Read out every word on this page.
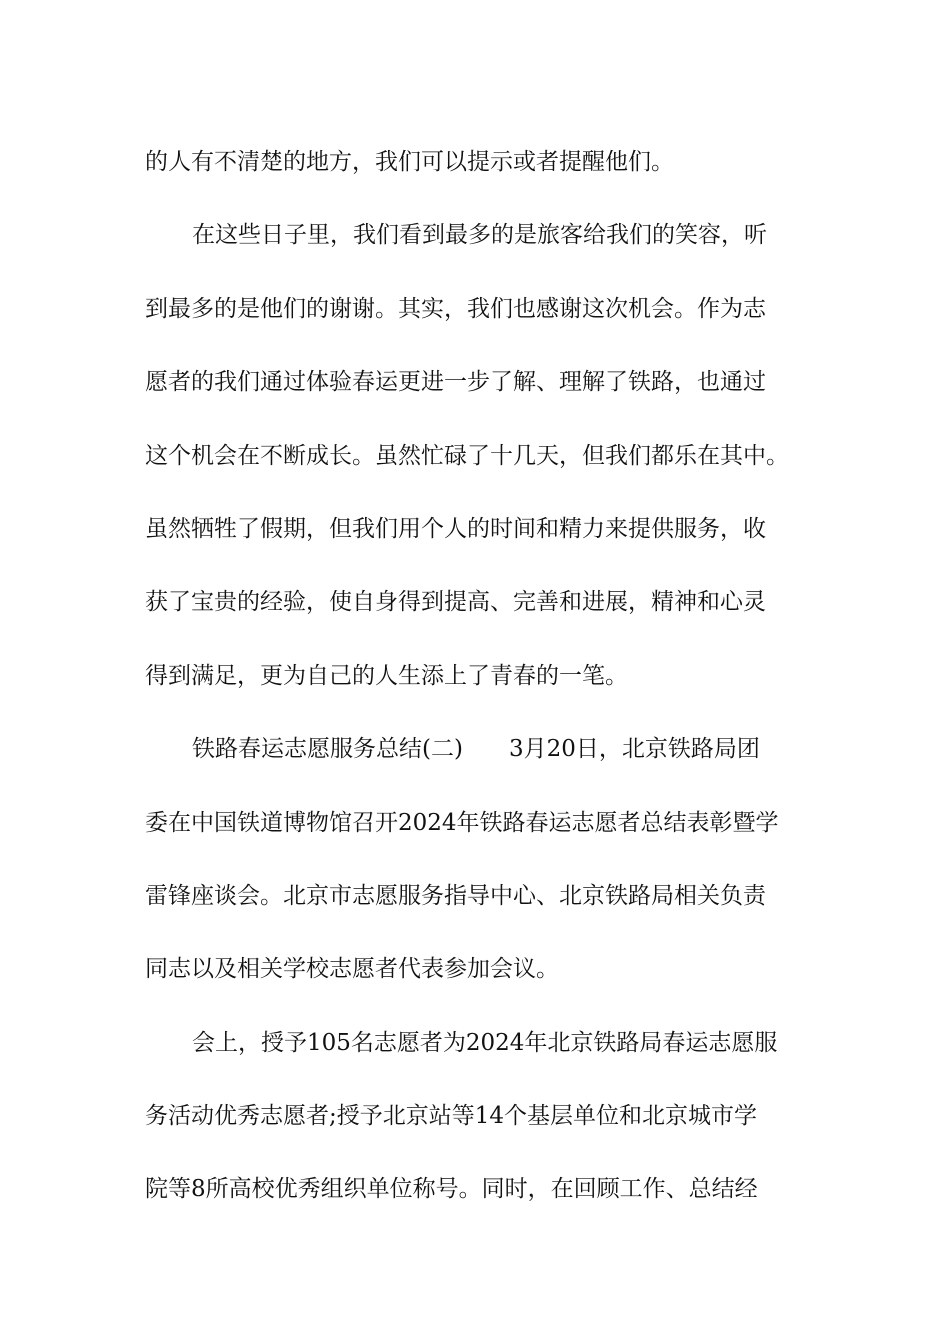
的人有不清楚的地方，我们可以提示或者提醒他们。
在这些日子里，我们看到最多的是旅客给我们的笑容，听
到最多的是他们的谢谢。其实，我们也感谢这次机会。作为志
愿者的我们通过体验春运更进一步了解、理解了铁路，也通过
这个机会在不断成长。虽然忙碌了十几天，但我们都乐在其中。
虽然牺牲了假期，但我们用个人的时间和精力来提供服务，收
获了宝贵的经验，使自身得到提高、完善和进展，精神和心灵
得到满足，更为自己的人生添上了青春的一笔。
铁路春运志愿服务总结(二)　　3月20日，北京铁路局团
委在中国铁道博物馆召开2024年铁路春运志愿者总结表彰暨学
雷锋座谈会。北京市志愿服务指导中心、北京铁路局相关负责
同志以及相关学校志愿者代表参加会议。
会上，授予105名志愿者为2024年北京铁路局春运志愿服
务活动优秀志愿者;授予北京站等14个基层单位和北京城市学
院等8所高校优秀组织单位称号。同时，在回顾工作、总结经
